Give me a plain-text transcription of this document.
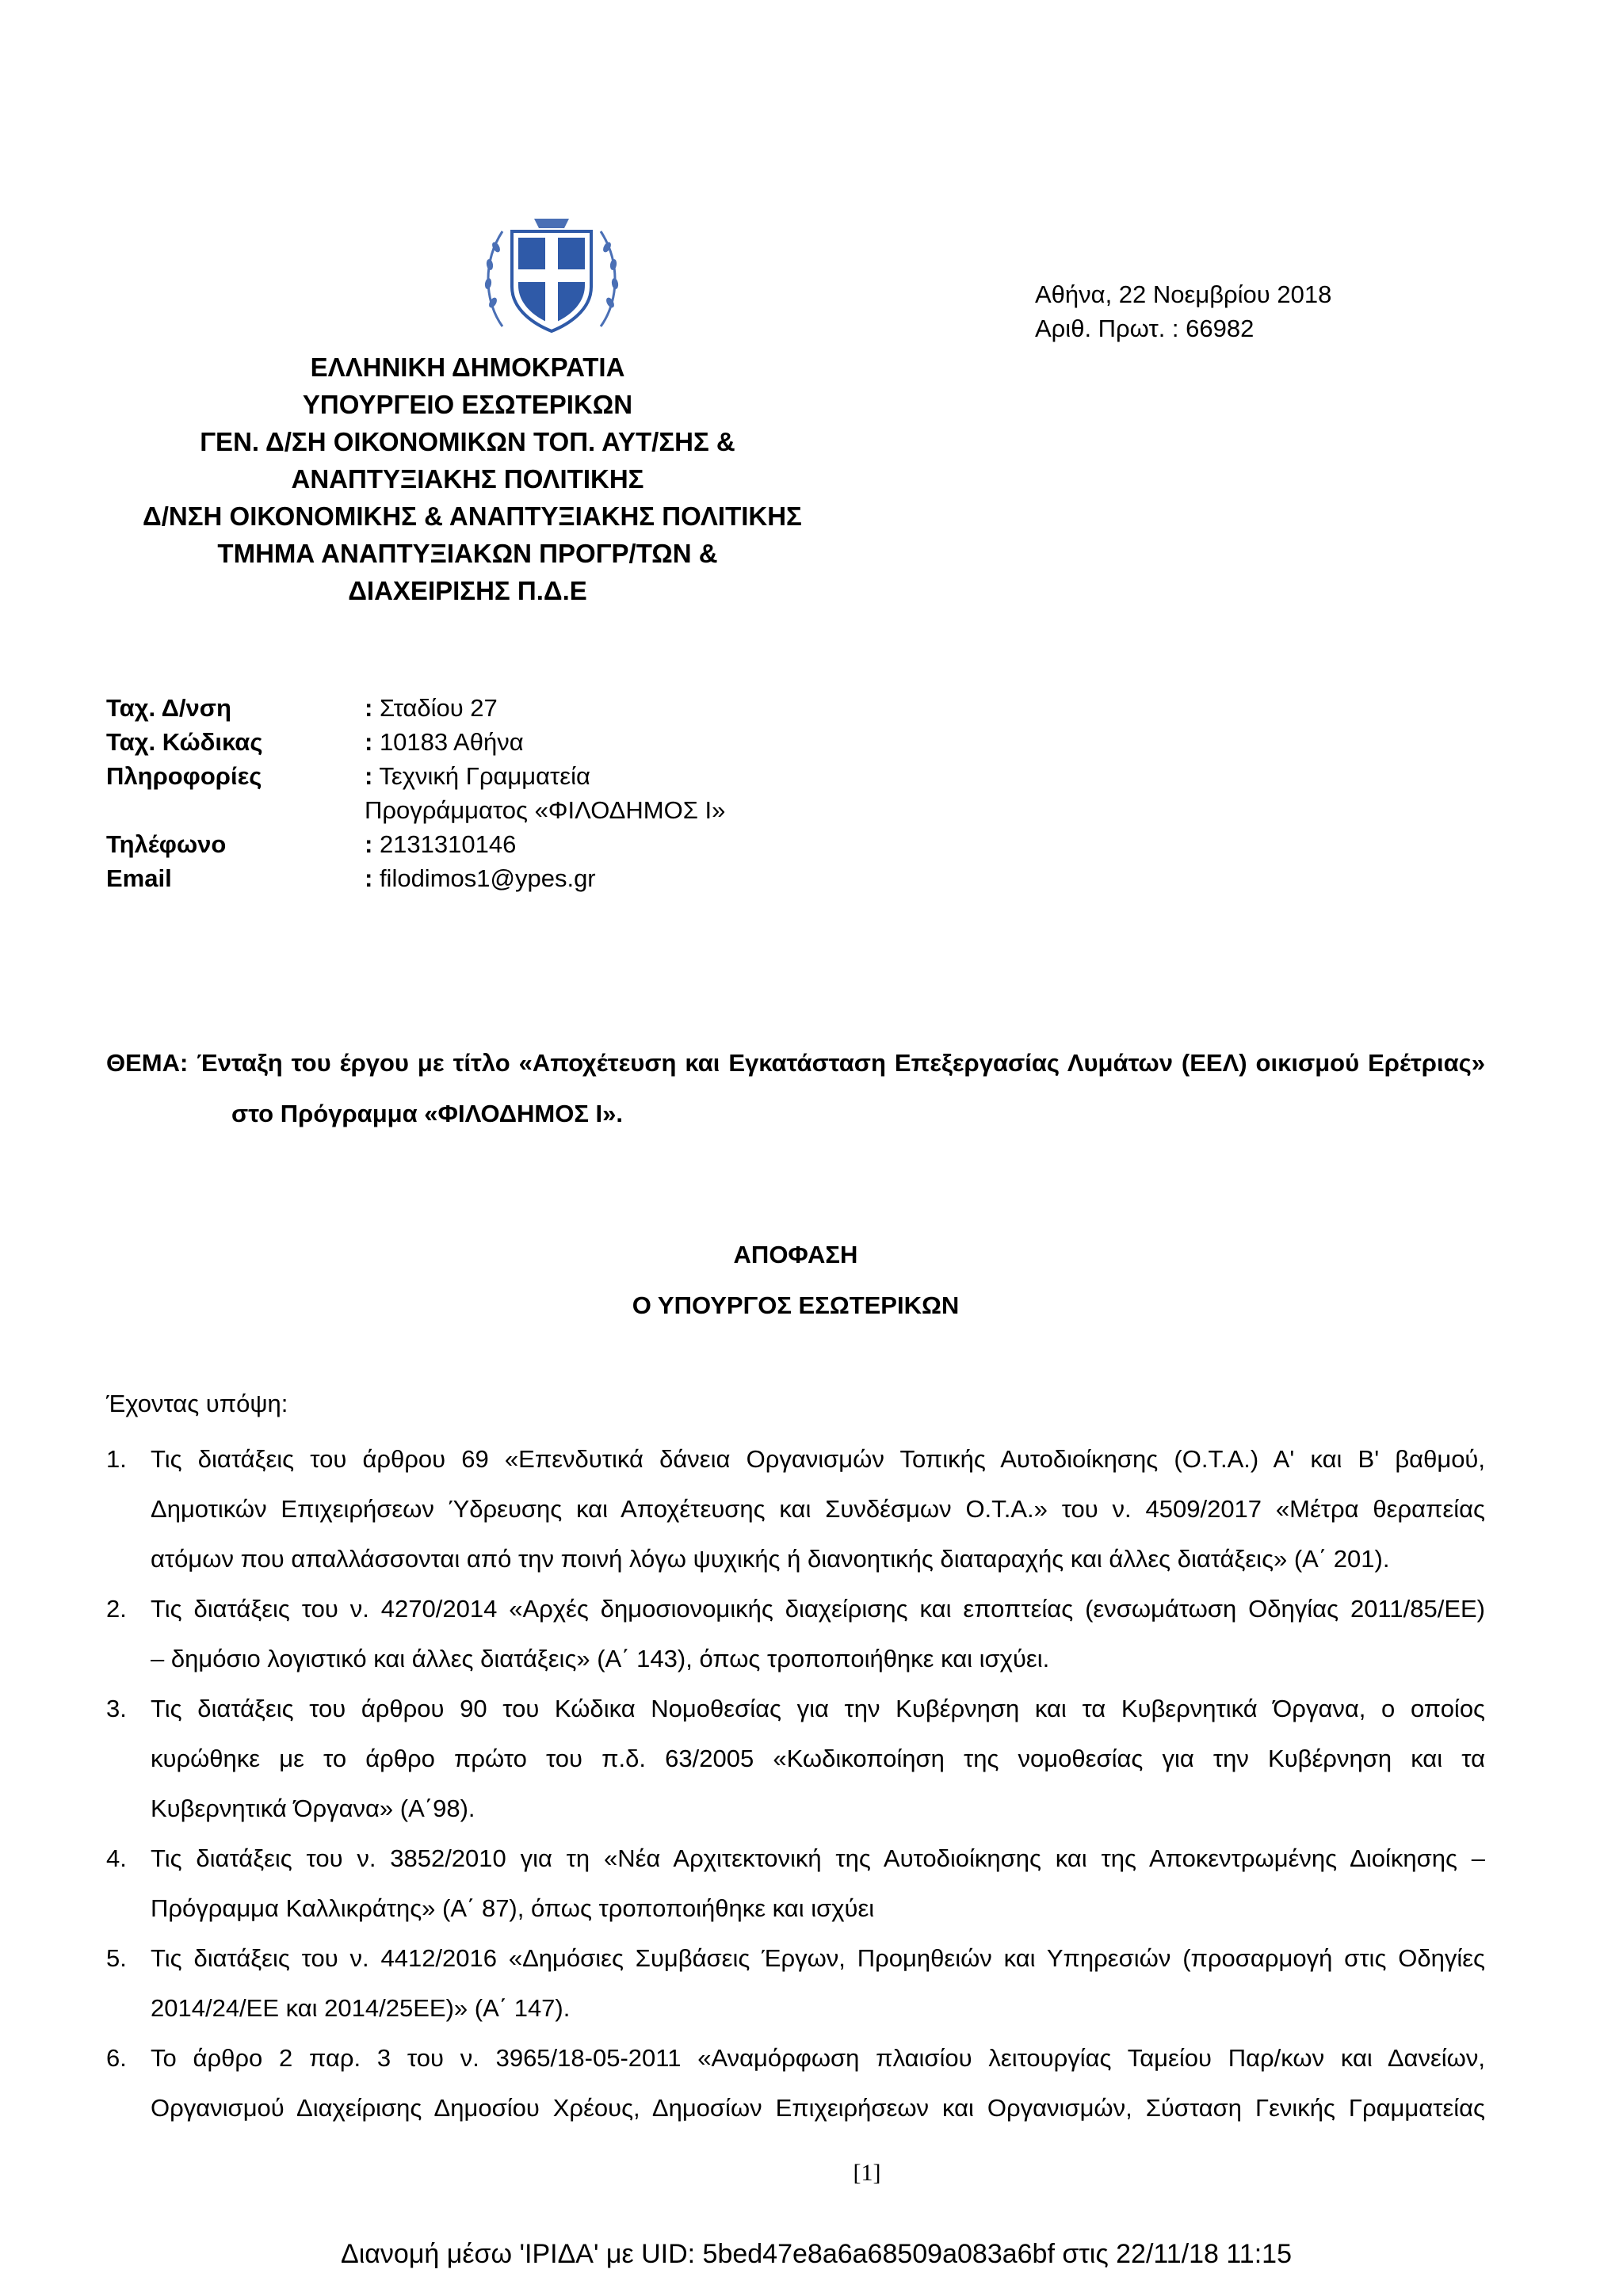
ΕΛΛΗΝΙΚΗ ΔΗΜΟΚΡΑΤΙΑ
ΥΠΟΥΡΓΕΙΟ ΕΣΩΤΕΡΙΚΩΝ
ΓΕΝ. Δ/ΣΗ ΟΙΚΟΝΟΜΙΚΩΝ ΤΟΠ. ΑΥΤ/ΣΗΣ &
ΑΝΑΠΤΥΞΙΑΚΗΣ ΠΟΛΙΤΙΚΗΣ
Δ/ΝΣΗ ΟΙΚΟΝΟΜΙΚΗΣ & ΑΝΑΠΤΥΞΙΑΚΗΣ ΠΟΛΙΤΙΚΗΣ
ΤΜΗΜΑ ΑΝΑΠΤΥΞΙΑΚΩΝ ΠΡΟΓΡ/ΤΩΝ &
ΔΙΑΧΕΙΡΙΣΗΣ Π.Δ.Ε
Αθήνα, 22 Νοεμβρίου 2018
Αριθ. Πρωτ. : 66982
Ταχ. Δ/νση	: Σταδίου 27
Ταχ. Κώδικας	: 10183 Αθήνα
Πληροφορίες	: Τεχνική Γραμματεία
Προγράμματος «ΦΙΛΟΔΗΜΟΣ Ι»
Τηλέφωνο	: 2131310146
Email	: filodimos1@ypes.gr
ΘΕΜΑ: Ένταξη του έργου με τίτλο «Αποχέτευση και Εγκατάσταση Επεξεργασίας Λυμάτων (ΕΕΛ) οικισμού Ερέτριας»
στο Πρόγραμμα «ΦΙΛΟΔΗΜΟΣ Ι».
ΑΠΟΦΑΣΗ
Ο ΥΠΟΥΡΓΟΣ ΕΣΩΤΕΡΙΚΩΝ
Έχοντας υπόψη:
1. Τις διατάξεις του άρθρου 69 «Επενδυτικά δάνεια Οργανισμών Τοπικής Αυτοδιοίκησης (Ο.Τ.Α.) Α' και Β' βαθμού,
Δημοτικών Επιχειρήσεων Ύδρευσης και Αποχέτευσης και Συνδέσμων Ο.Τ.Α.» του ν. 4509/2017 «Μέτρα θεραπείας
ατόμων που απαλλάσσονται από την ποινή λόγω ψυχικής ή διανοητικής διαταραχής και άλλες διατάξεις» (Α΄ 201).
2. Τις διατάξεις του ν. 4270/2014 «Αρχές δημοσιονομικής διαχείρισης και εποπτείας (ενσωμάτωση Οδηγίας 2011/85/ΕΕ)
– δημόσιο λογιστικό και άλλες διατάξεις» (Α΄ 143), όπως τροποποιήθηκε και ισχύει.
3. Τις διατάξεις του άρθρου 90 του Κώδικα Νομοθεσίας για την Κυβέρνηση και τα Κυβερνητικά Όργανα, ο οποίος
κυρώθηκε με το άρθρο πρώτο του π.δ. 63/2005 «Κωδικοποίηση της νομοθεσίας για την Κυβέρνηση και τα
Κυβερνητικά Όργανα» (Α΄98).
4. Τις διατάξεις του ν. 3852/2010 για τη «Νέα Αρχιτεκτονική της Αυτοδιοίκησης και της Αποκεντρωμένης Διοίκησης –
Πρόγραμμα Καλλικράτης» (Α΄ 87), όπως τροποποιήθηκε και ισχύει
5. Τις διατάξεις του ν. 4412/2016 «Δημόσιες Συμβάσεις Έργων, Προμηθειών και Υπηρεσιών (προσαρμογή στις Οδηγίες
2014/24/ΕΕ και 2014/25ΕΕ)» (Α΄ 147).
6. Το άρθρο 2 παρ. 3 του ν. 3965/18-05-2011 «Αναμόρφωση πλαισίου λειτουργίας Ταμείου Παρ/κων και Δανείων,
Οργανισμού Διαχείρισης Δημοσίου Χρέους, Δημοσίων Επιχειρήσεων και Οργανισμών, Σύσταση Γενικής Γραμματείας
[1]
Διανομή μέσω 'ΙΡΙΔΑ' με UID: 5bed47e8a6a68509a083a6bf στις 22/11/18 11:15
